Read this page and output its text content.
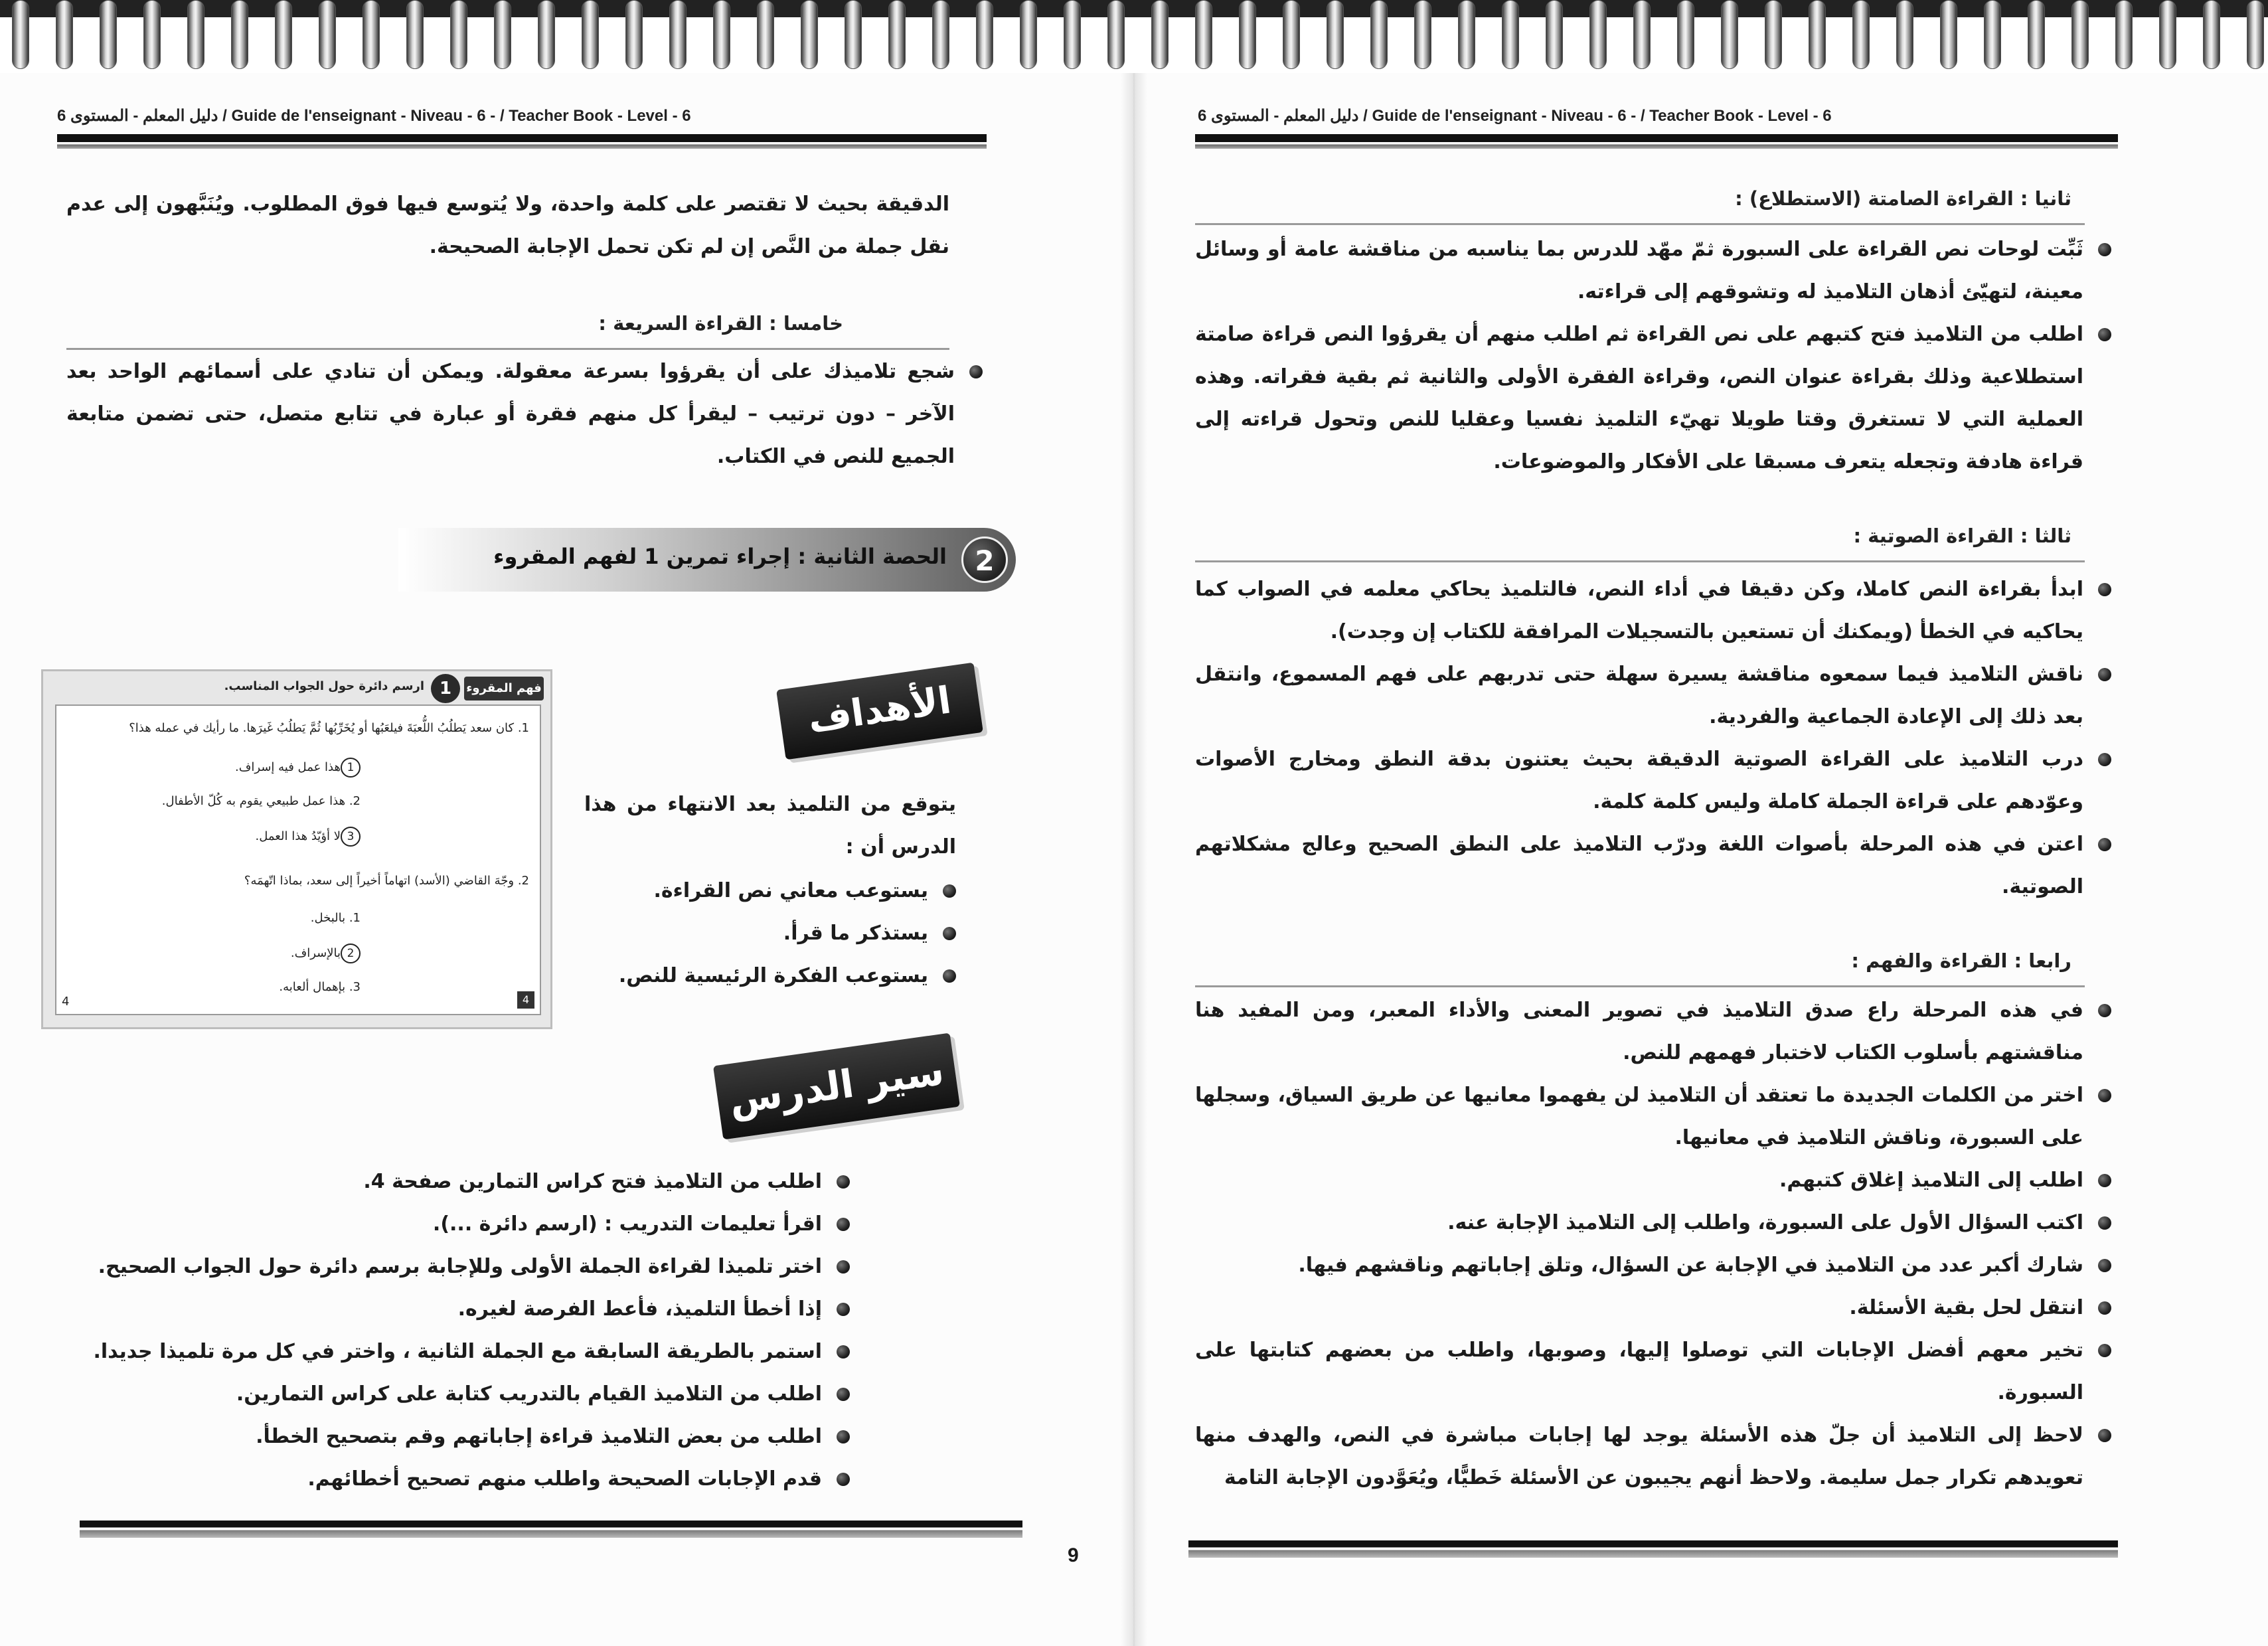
دليل المعلم - المستوى 6 / Guide de l'enseignant - Niveau - 6 - / Teacher Book - Level - 6
الدقيقة بحيث لا تقتصر على كلمة واحدة، ولا يُتوسع فيها فوق المطلوب. ويُنَبَّهون إلى عدم نقل جملة من النَّص إن لم تكن تحمل الإجابة الصحيحة.
خامسا : القراءة السريعة :
شجع تلاميذك على أن يقرؤوا بسرعة معقولة. ويمكن أن تنادي على أسمائهم الواحد بعد الآخر – دون ترتيب – ليقرأ كل منهم فقرة أو عبارة في تتابع متصل، حتى تضمن متابعة الجميع للنص في الكتاب.
2
الحصة الثانية : إجراء تمرين 1 لفهم المقروء
الأهداف
يتوقع من التلميذ بعد الانتهاء من هذا الدرس أن :
يستوعب معاني نص القراءة.
يستذكر ما قرأ.
يستوعب الفكرة الرئيسية للنص.
فهم المقروء
1
ارسم دائرة حول الجواب المناسب.
1. كان سعد يَطلُبُ اللُّعبَةَ فيلعَبُها أو يُخَرِّبُها ثُمَّ يَطلُبُ غَيرَها. ما رأيك في عمله هذا؟
1هذا عمل فيه إسراف.
2. هذا عمل طبيعي يقوم به كُلّ الأطفال.
3لا أؤيّدُ هذا العمل.
2. وجّهَ القاضي (الأسد) اتهاماً أخيراً إلى سعد، بماذا اتّهمَه؟
1. بالبخل.
2بالإسراف.
3. بإهمال ألعابه.
4	4
سير الدرس
اطلب من التلاميذ فتح كراس التمارين صفحة 4.
اقرأ تعليمات التدريب : (ارسم دائرة ...).
اختر تلميذا لقراءة الجملة الأولى وللإجابة برسم دائرة حول الجواب الصحيح.
إذا أخطأ التلميذ، فأعط الفرصة لغيره.
استمر بالطريقة السابقة مع الجملة الثانية ، واختر في كل مرة تلميذا جديدا.
اطلب من التلاميذ القيام بالتدريب كتابة على كراس التمارين.
اطلب من بعض التلاميذ قراءة إجاباتهم وقم بتصحيح الخطأ.
قدم الإجابات الصحيحة واطلب منهم تصحيح أخطائهم.
9
دليل المعلم - المستوى 6 / Guide de l'enseignant - Niveau - 6 - / Teacher Book - Level - 6
ثانيا : القراءة الصامتة (الاستطلاع) :
ثَبِّت لوحات نص القراءة على السبورة ثمّ مهّد للدرس بما يناسبه من مناقشة عامة أو وسائل معينة، لتهيّئ أذهان التلاميذ له وتشوقهم إلى قراءته.
اطلب من التلاميذ فتح كتبهم على نص القراءة ثم اطلب منهم أن يقرؤوا النص قراءة صامتة استطلاعية وذلك بقراءة عنوان النص، وقراءة الفقرة الأولى والثانية ثم بقية فقراته. وهذه العملية التي لا تستغرق وقتا طويلا تهيّء التلميذ نفسيا وعقليا للنص وتحول قراءته إلى قراءة هادفة وتجعله يتعرف مسبقا على الأفكار والموضوعات.
ثالثا : القراءة الصوتية :
ابدأ بقراءة النص كاملا، وكن دقيقا في أداء النص، فالتلميذ يحاكي معلمه في الصواب كما يحاكيه في الخطأ (ويمكنك أن تستعين بالتسجيلات المرافقة للكتاب إن وجدت).
ناقش التلاميذ فيما سمعوه مناقشة يسيرة سهلة حتى تدربهم على فهم المسموع، وانتقل بعد ذلك إلى الإعادة الجماعية والفردية.
درب التلاميذ على القراءة الصوتية الدقيقة بحيث يعتنون بدقة النطق ومخارج الأصوات وعوّدهم على قراءة الجملة كاملة وليس كلمة كلمة.
اعتن في هذه المرحلة بأصوات اللغة ودرّب التلاميذ على النطق الصحيح وعالج مشكلاتهم الصوتية.
رابعا : القراءة والفهم :
في هذه المرحلة راع صدق التلاميذ في تصوير المعنى والأداء المعبر، ومن المفيد هنا مناقشتهم بأسلوب الكتاب لاختبار فهمهم للنص.
اختر من الكلمات الجديدة ما تعتقد أن التلاميذ لن يفهموا معانيها عن طريق السياق، وسجلها على السبورة، وناقش التلاميذ في معانيها.
اطلب إلى التلاميذ إغلاق كتبهم.
اكتب السؤال الأول على السبورة، واطلب إلى التلاميذ الإجابة عنه.
شارك أكبر عدد من التلاميذ في الإجابة عن السؤال، وتلق إجاباتهم وناقشهم فيها.
انتقل لحل بقية الأسئلة.
تخير معهم أفضل الإجابات التي توصلوا إليها، وصوبها، واطلب من بعضهم كتابتها على السبورة.
لاحظ إلى التلاميذ أن جلّ هذه الأسئلة يوجد لها إجابات مباشرة في النص، والهدف منها تعويدهم تكرار جمل سليمة. ولاحظ أنهم يجيبون عن الأسئلة خَطيًّا، ويُعَوَّدون الإجابة التامة
